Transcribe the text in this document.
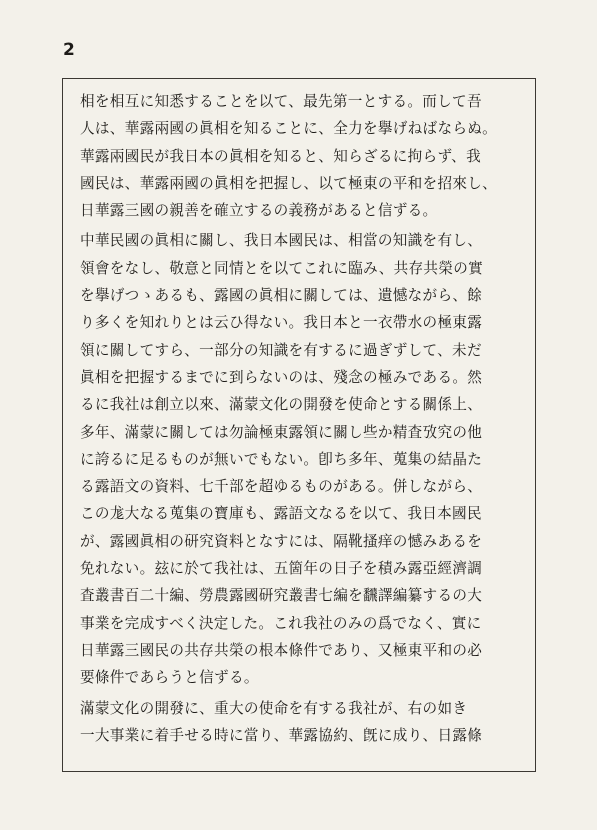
2
相を相互に知悉することを以て、最先第一とする。而して吾
人は、華露兩國の眞相を知ることに、全力を擧げねばならぬ。
華露兩國民が我日本の眞相を知ると、知らざるに拘らず、我
國民は、華露兩國の眞相を把握し、以て極東の平和を招來し、
日華露三國の親善を確立するの義務があると信ずる。
中華民國の眞相に關し、我日本國民は、相當の知識を有し、
領會をなし、敬意と同情とを以てこれに臨み、共存共榮の實
を擧げつゝあるも、露國の眞相に關しては、遺憾ながら、餘
り多くを知れりとは云ひ得ない。我日本と一衣帶水の極東露
領に關してすら、一部分の知識を有するに過ぎずして、未だ
眞相を把握するまでに到らないのは、殘念の極みである。然
るに我社は創立以來、滿蒙文化の開發を使命とする關係上、
多年、滿蒙に關しては勿論極東露領に關し些か精査攷究の他
に誇るに足るものが無いでもない。卽ち多年、蒐集の結晶た
る露語文の資料、七千部を超ゆるものがある。併しながら、
この尨大なる蒐集の寶庫も、露語文なるを以て、我日本國民
が、露國眞相の研究資料となすには、隔靴搔痒の憾みあるを
免れない。玆に於て我社は、五箇年の日子を積み露亞經濟調
査叢書百二十編、勞農露國研究叢書七編を飜譯編纂するの大
事業を完成すべく決定した。これ我社のみの爲でなく、實に
日華露三國民の共存共榮の根本條件であり、又極東平和の必
要條件であらうと信ずる。
滿蒙文化の開發に、重大の使命を有する我社が、右の如き
一大事業に着手せる時に當り、華露協約、旣に成り、日露條
